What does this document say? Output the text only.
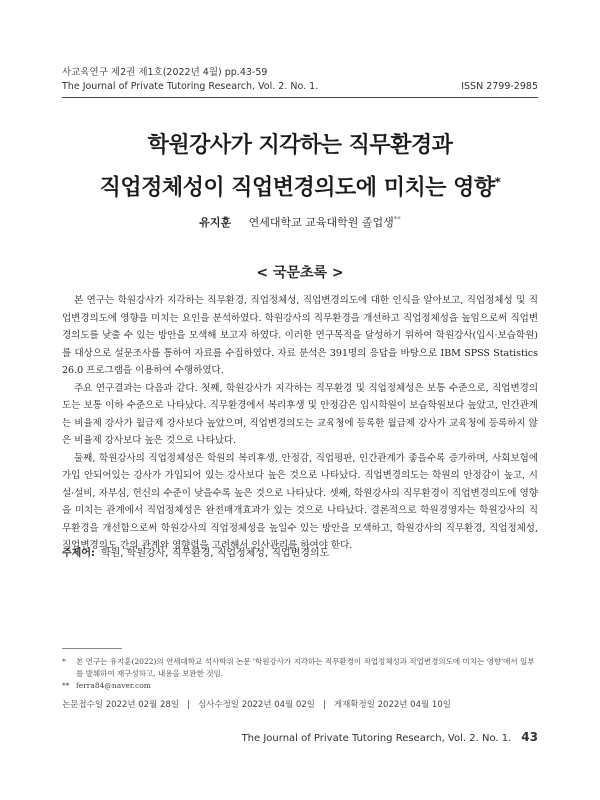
사교육연구 제2권 제1호(2022년 4월) pp.43-59
The Journal of Private Tutoring Research, Vol. 2. No. 1.	ISSN 2799-2985
학원강사가 지각하는 직무환경과
직업정체성이 직업변경의도에 미치는 영향*
유지훈 연세대학교 교육대학원 졸업생**
< 국문초록 >

본 연구는 학원강사가 지각하는 직무환경, 직업정체성, 직업변경의도에 대한 인식을 알아보고, 직업정체성 및 직업변경의도에 영향을 미치는 요인을 분석하였다. 학원강사의 직무환경을 개선하고 직업정체성을 높임으로써 직업변경의도를 낮출 수 있는 방안을 모색해 보고자 하였다. 이러한 연구목적을 달성하기 위하여 학원강사(입시·보습학원)를 대상으로 설문조사를 통하여 자료를 수집하였다. 자료 분석은 391명의 응답을 바탕으로 IBM SPSS Statistics 26.0 프로그램을 이용하여 수행하였다.

주요 연구결과는 다음과 같다. 첫째, 학원강사가 지각하는 직무환경 및 직업정체성은 보통 수준으로, 직업변경의도는 보통 이하 수준으로 나타났다. 직무환경에서 복리후생 및 안정감은 입시학원이 보습학원보다 높았고, 인간관계는 비율제 강사가 월급제 강사보다 높았으며, 직업변경의도는 교육청에 등록한 월급제 강사가 교육청에 등록하지 않은 비율제 강사보다 높은 것으로 나타났다.

둘째, 학원강사의 직업정체성은 학원의 복리후생, 안정감, 직업평판, 인간관계가 좋을수록 증가하며, 사회보험에 가입 안되어있는 강사가 가입되어 있는 강사보다 높은 것으로 나타났다. 직업변경의도는 학원의 안정감이 높고, 시설·설비, 자부심, 헌신의 수준이 낮을수록 높은 것으로 나타났다. 셋째, 학원강사의 직무환경이 직업변경의도에 영향을 미치는 관계에서 직업정체성은 완전매개효과가 있는 것으로 나타났다. 결론적으로 학원경영자는 학원강사의 직무환경을 개선함으로써 학원강사의 직업정체성을 높일수 있는 방안을 모색하고, 학원강사의 직무환경, 직업정체성, 직업변경의도 간의 관계와 영향력을 고려해서 인사관리를 하여야 한다.

주제어: 학원, 학원강사, 직무환경, 직업정체성, 직업변경의도
*	본 연구는 유지훈(2022)의 연세대학교 석사학위 논문 '학원강사가 지각하는 직무환경이 직업정체성과 직업변경의도에 미치는 영향'에서 일부를 발췌하여 재구성하고, 내용을 보완한 것임.
** ferra84@naver.com
논문접수일 2022년 02월 28일 | 심사수정일 2022년 04월 02일 | 게재확정일 2022년 04월 10일
The Journal of Private Tutoring Research, Vol. 2. No. 1. 43
